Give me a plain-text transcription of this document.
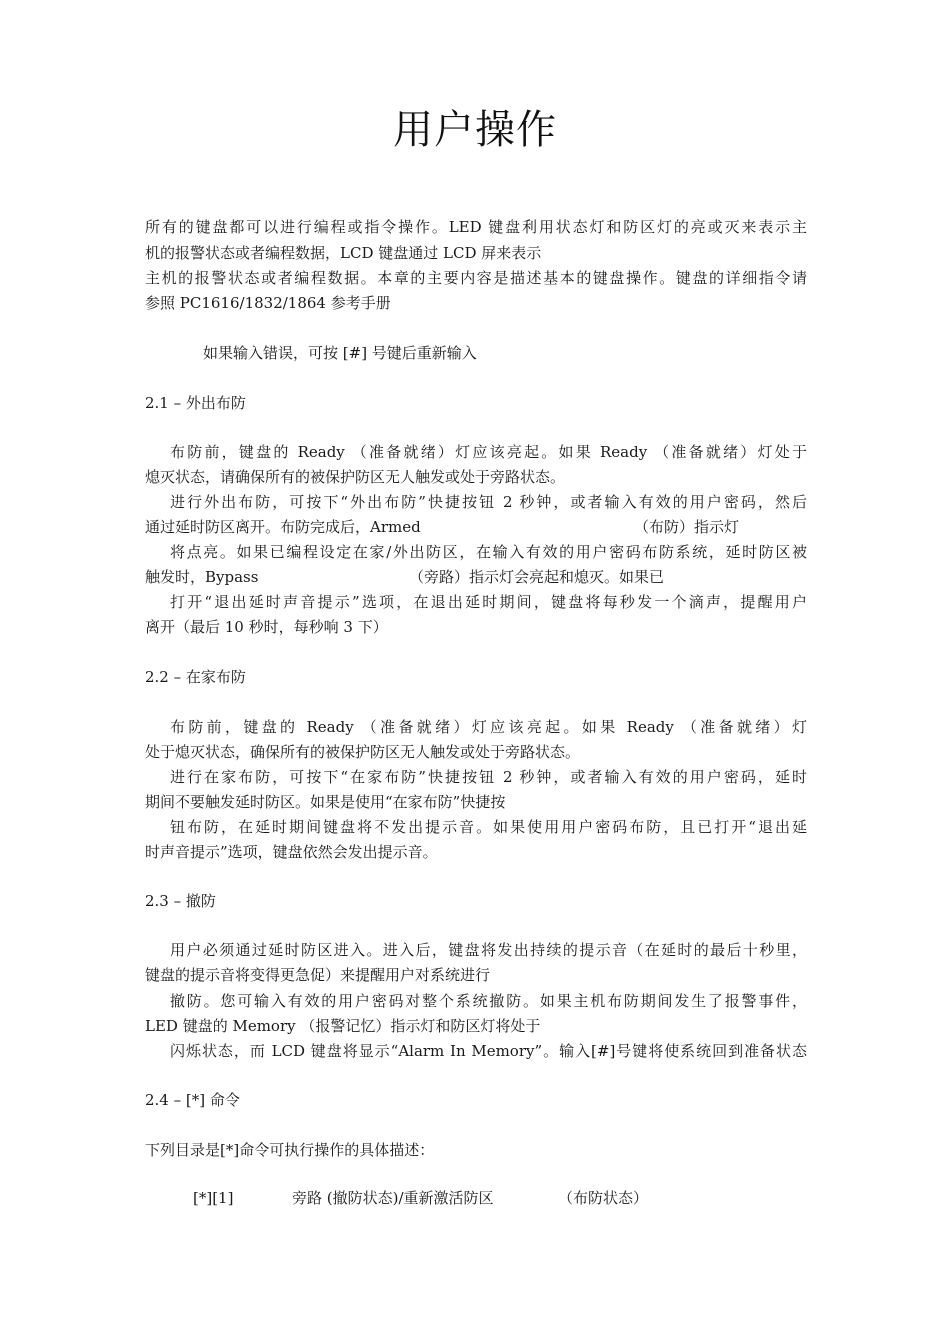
用户操作
所有的键盘都可以进行编程或指令操作。LED 键盘利用状态灯和防区灯的亮或灭来表示主
机的报警状态或者编程数据，LCD 键盘通过 LCD 屏来表示
主机的报警状态或者编程数据。本章的主要内容是描述基本的键盘操作。键盘的详细指令请
参照 PC1616/1832/1864 参考手册
如果输入错误，可按 [#] 号键后重新输入
2.1 – 外出布防
布防前，键盘的 Ready （准备就绪）灯应该亮起。如果 Ready （准备就绪）灯处于
熄灭状态，请确保所有的被保护防区无人触发或处于旁路状态。
进行外出布防，可按下“外出布防”快捷按钮 2 秒钟，或者输入有效的用户密码，然后
通过延时防区离开。布防完成后，Armed	（布防）指示灯
将点亮。如果已编程设定在家/外出防区，在输入有效的用户密码布防系统，延时防区被
触发时，Bypass	（旁路）指示灯会亮起和熄灭。如果已
打开“退出延时声音提示”选项，在退出延时期间，键盘将每秒发一个滴声，提醒用户
离开（最后 10 秒时，每秒响 3 下）
2.2 – 在家布防
布防前，键盘的 Ready （准备就绪）灯应该亮起。如果 Ready （准备就绪）灯
处于熄灭状态，确保所有的被保护防区无人触发或处于旁路状态。
进行在家布防，可按下“在家布防”快捷按钮 2 秒钟，或者输入有效的用户密码，延时
期间不要触发延时防区。如果是使用“在家布防”快捷按
钮布防，在延时期间键盘将不发出提示音。如果使用用户密码布防，且已打开“退出延
时声音提示”选项，键盘依然会发出提示音。
2.3 – 撤防
用户必须通过延时防区进入。进入后，键盘将发出持续的提示音（在延时的最后十秒里，
键盘的提示音将变得更急促）来提醒用户对系统进行
撤防。您可输入有效的用户密码对整个系统撤防。如果主机布防期间发生了报警事件，
LED 键盘的 Memory （报警记忆）指示灯和防区灯将处于
闪烁状态，而 LCD 键盘将显示“Alarm In Memory”。输入[#]号键将使系统回到准备状态
2.4 – [*] 命令
下列目录是[*]命令可执行操作的具体描述：
[*][1]	旁路 (撤防状态)/重新激活防区	（布防状态）
